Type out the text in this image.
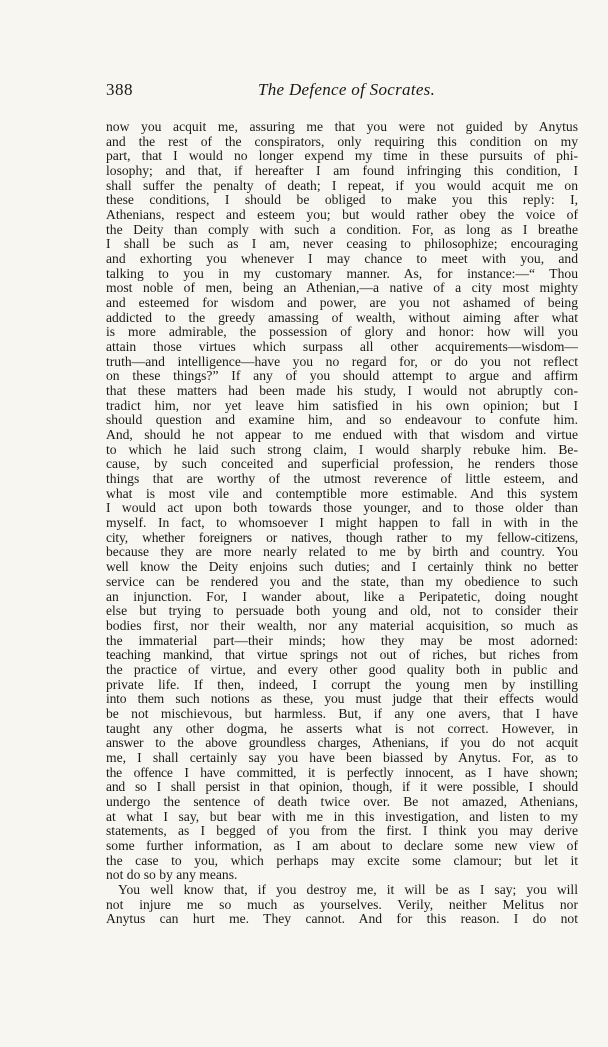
388	The Defence of Socrates.
now you acquit me, assuring me that you were not guided by Anytus
and the rest of the conspirators, only requiring this condition on my
part, that I would no longer expend my time in these pursuits of phi-
losophy; and that, if hereafter I am found infringing this condition, I
shall suffer the penalty of death; I repeat, if you would acquit me on
these conditions, I should be obliged to make you this reply: I,
Athenians, respect and esteem you; but would rather obey the voice of
the Deity than comply with such a condition. For, as long as I breathe
I shall be such as I am, never ceasing to philosophize; encouraging
and exhorting you whenever I may chance to meet with you, and
talking to you in my customary manner. As, for instance:—“ Thou
most noble of men, being an Athenian,—a native of a city most mighty
and esteemed for wisdom and power, are you not ashamed of being
addicted to the greedy amassing of wealth, without aiming after what
is more admirable, the possession of glory and honor: how will you
attain those virtues which surpass all other acquirements—wisdom—
truth—and intelligence—have you no regard for, or do you not reflect
on these things?” If any of you should attempt to argue and affirm
that these matters had been made his study, I would not abruptly con-
tradict him, nor yet leave him satisfied in his own opinion; but I
should question and examine him, and so endeavour to confute him.
And, should he not appear to me endued with that wisdom and virtue
to which he laid such strong claim, I would sharply rebuke him. Be-
cause, by such conceited and superficial profession, he renders those
things that are worthy of the utmost reverence of little esteem, and
what is most vile and contemptible more estimable. And this system
I would act upon both towards those younger, and to those older than
myself. In fact, to whomsoever I might happen to fall in with in the
city, whether foreigners or natives, though rather to my fellow-citizens,
because they are more nearly related to me by birth and country. You
well know the Deity enjoins such duties; and I certainly think no better
service can be rendered you and the state, than my obedience to such
an injunction. For, I wander about, like a Peripatetic, doing nought
else but trying to persuade both young and old, not to consider their
bodies first, nor their wealth, nor any material acquisition, so much as
the immaterial part—their minds; how they may be most adorned:
teaching mankind, that virtue springs not out of riches, but riches from
the practice of virtue, and every other good quality both in public and
private life. If then, indeed, I corrupt the young men by instilling
into them such notions as these, you must judge that their effects would
be not mischievous, but harmless. But, if any one avers, that I have
taught any other dogma, he asserts what is not correct. However, in
answer to the above groundless charges, Athenians, if you do not acquit
me, I shall certainly say you have been biassed by Anytus. For, as to
the offence I have committed, it is perfectly innocent, as I have shown;
and so I shall persist in that opinion, though, if it were possible, I should
undergo the sentence of death twice over. Be not amazed, Athenians,
at what I say, but bear with me in this investigation, and listen to my
statements, as I begged of you from the first. I think you may derive
some further information, as I am about to declare some new view of
the case to you, which perhaps may excite some clamour; but let it
not do so by any means.
You well know that, if you destroy me, it will be as I say; you will
not injure me so much as yourselves. Verily, neither Melitus nor
Anytus can hurt me. They cannot. And for this reason. I do not
